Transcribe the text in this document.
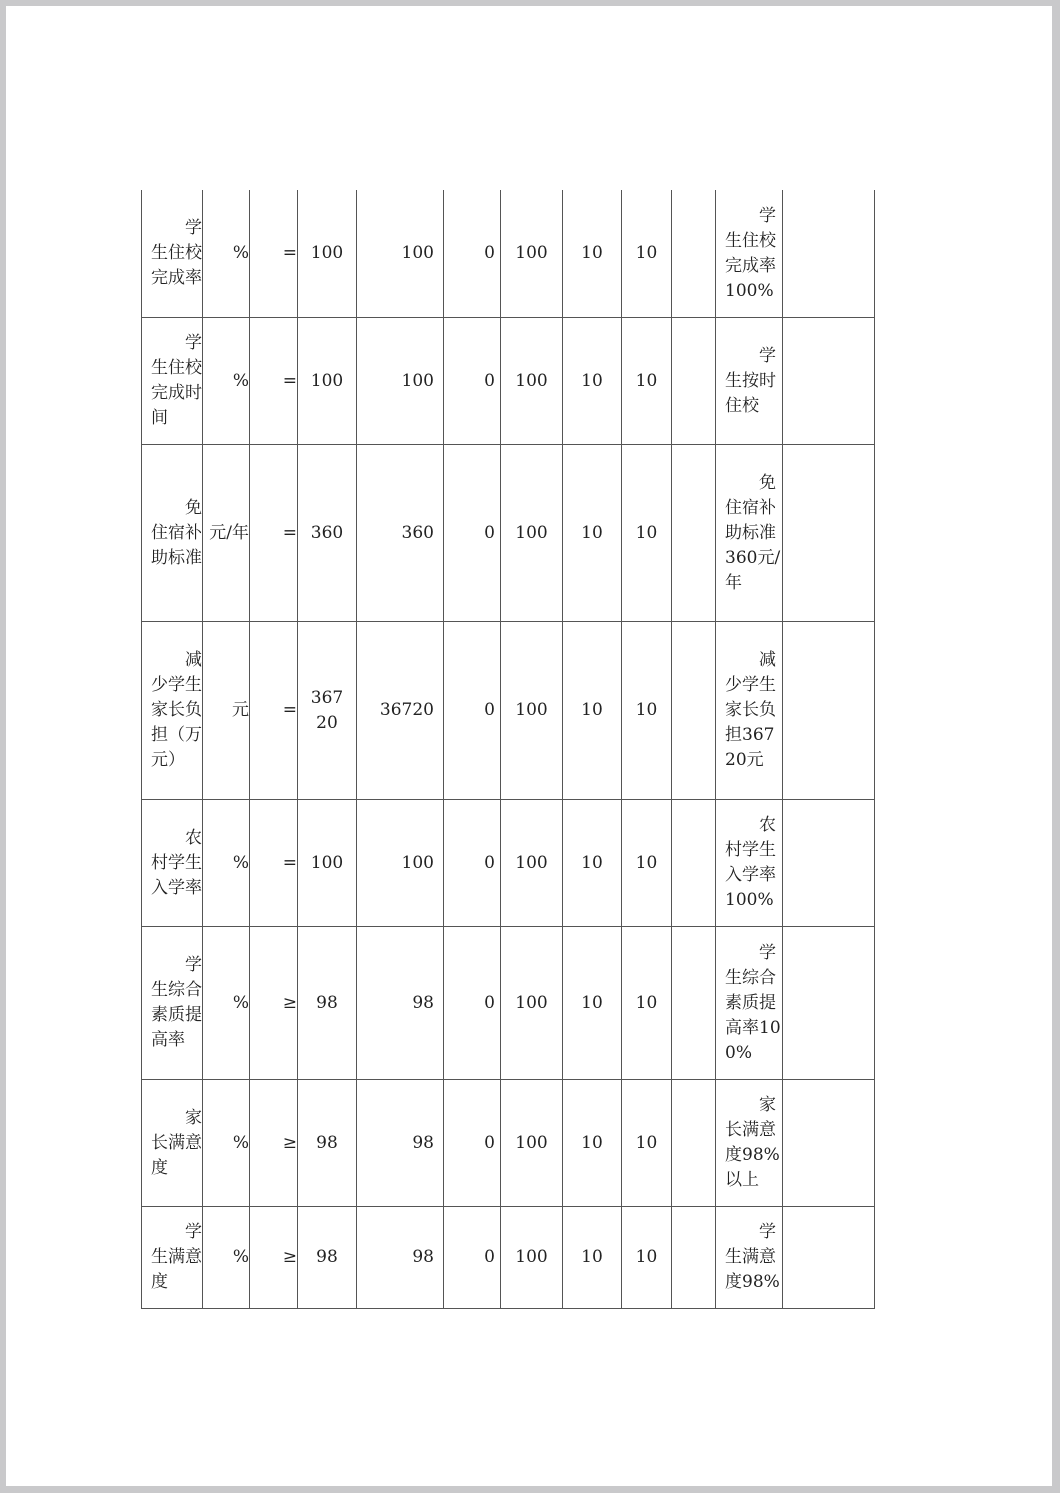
学生住校完成率	%	=	100	100	0	100	10	10		学生住校完成率100%	
学生住校完成时间	%	=	100	100	0	100	10	10		学生按时住校	
免住宿补助标准	元/年	=	360	360	0	100	10	10		免住宿补助标准360元/年	
减少学生家长负担（万元）	元	=	36720	36720	0	100	10	10		减少学生家长负担36720元	
农村学生入学率	%	=	100	100	0	100	10	10		农村学生入学率100%	
学生综合素质提高率	%	≥	98	98	0	100	10	10		学生综合素质提高率100%	
家长满意度	%	≥	98	98	0	100	10	10		家长满意度98%以上	
学生满意度	%	≥	98	98	0	100	10	10		学生满意度98%	
